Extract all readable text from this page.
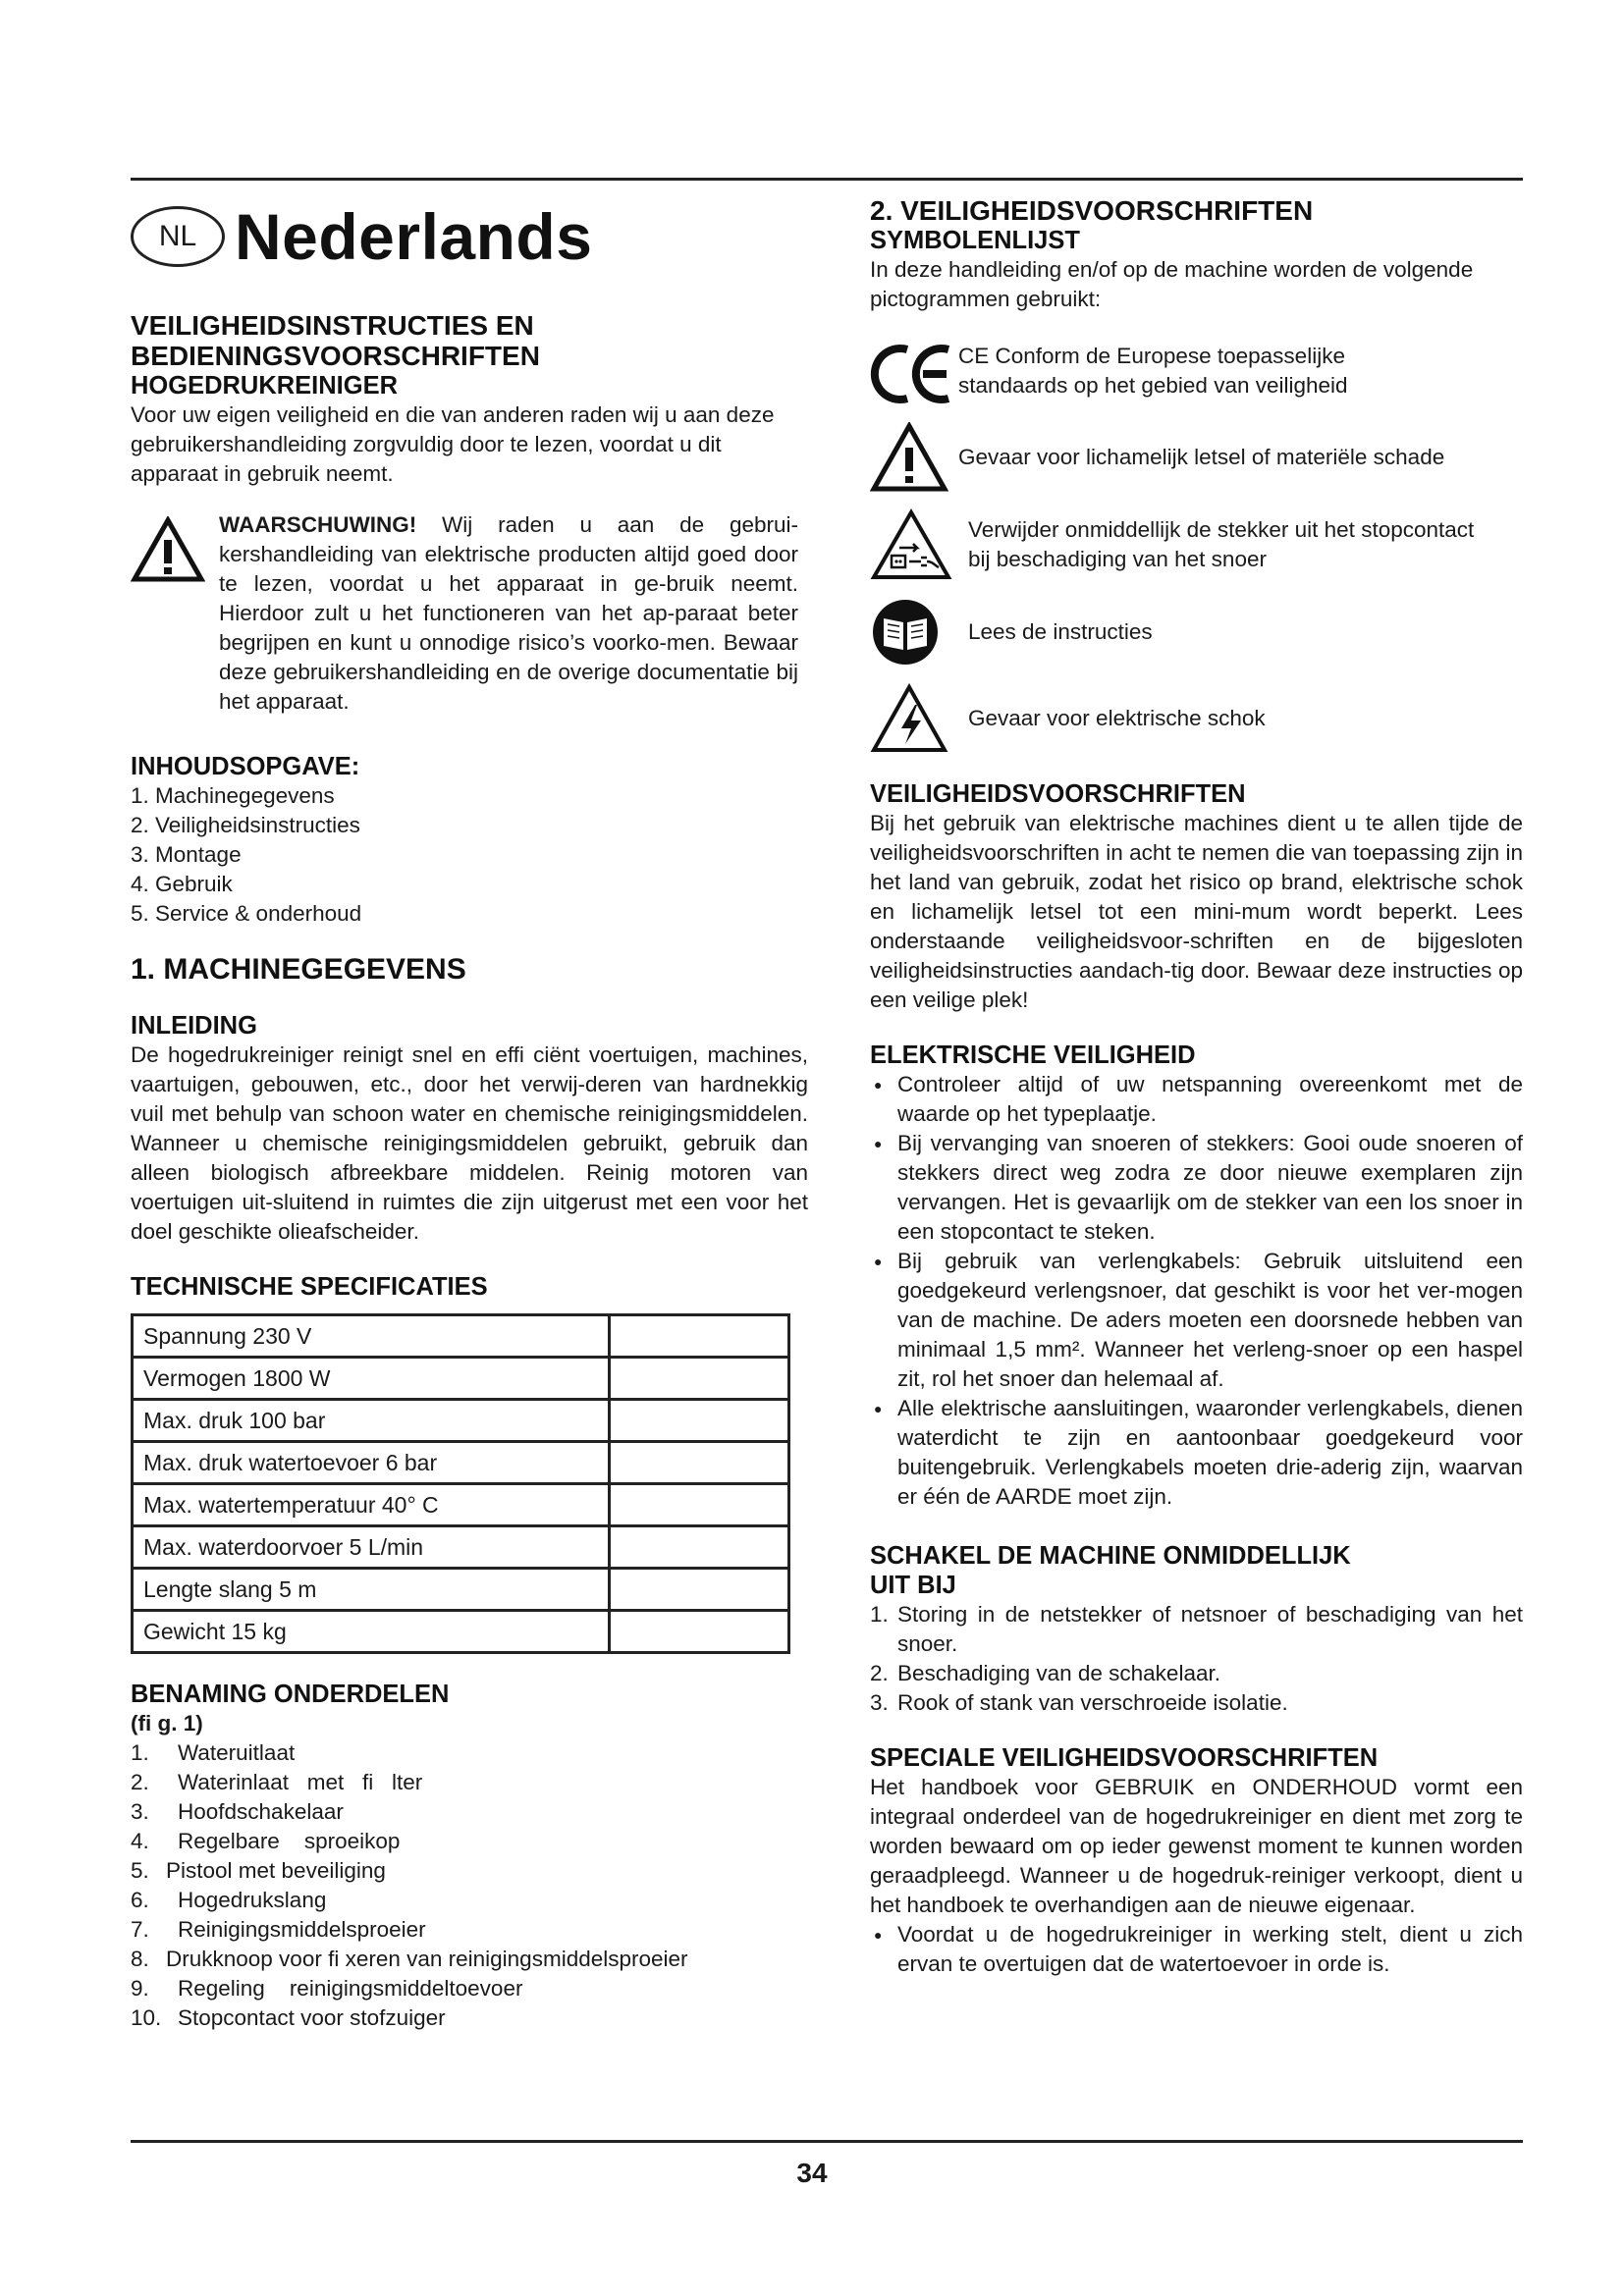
NL Nederlands

VEILIGHEIDSINSTRUCTIES EN

BEDIENINGSVOORSCHRIFTEN

HOGEDRUKREINIGER

Voor uw eigen veiligheid en die van anderen raden wij u aan deze gebruikershandleiding zorgvuldig door te lezen, voordat u dit apparaat in gebruik neemt.

WAARSCHUWING! Wij raden u aan de gebrui-kershandleiding van elektrische producten altijd goed door te lezen, voordat u het apparaat in ge-bruik neemt. Hierdoor zult u het functioneren van het ap-paraat beter begrijpen en kunt u onnodige risico’s voorko-men. Bewaar deze gebruikershandleiding en de overige documentatie bij het apparaat.

INHOUDSOPGAVE:

1. Machinegegevens
2. Veiligheidsinstructies
3. Montage
4. Gebruik
5. Service & onderhoud

1. MACHINEGEGEVENS

INLEIDING

De hogedrukreiniger reinigt snel en effi ciënt voertuigen, machines, vaartuigen, gebouwen, etc., door het verwij-deren van hardnekkig vuil met behulp van schoon water en chemische reinigingsmiddelen. Wanneer u chemische reinigingsmiddelen gebruikt, gebruik dan alleen biologisch afbreekbare middelen. Reinig motoren van voertuigen uit-sluitend in ruimtes die zijn uitgerust met een voor het doel geschikte olieafscheider.

TECHNISCHE SPECIFICATIES

Spannung 230 V	
Vermogen 1800 W	
Max. druk 100 bar	
Max. druk watertoevoer 6 bar	
Max. watertemperatuur 40° C	
Max. waterdoorvoer 5 L/min	
Lengte slang 5 m	
Gewicht 15 kg	

BENAMING ONDERDELEN

(fi g. 1)

1.	Wateruitlaat
2.	Waterinlaat   met   fi   lter
3.	Hoofdschakelaar
4.	Regelbare    sproeikop
5. Pistool met beveiliging
6.	Hogedrukslang
7.	Reinigingsmiddelsproeier
8. Drukknoop voor fi xeren van reinigingsmiddelsproeier
9.	Regeling    reinigingsmiddeltoevoer
10. Stopcontact voor stofzuiger

2. VEILIGHEIDSVOORSCHRIFTEN

SYMBOLENLIJST

In deze handleiding en/of op de machine worden de volgende pictogrammen gebruikt:

CE Conform de Europese toepasselijke standaards op het gebied van veiligheid
Gevaar voor lichamelijk letsel of materiële schade
Verwijder onmiddellijk de stekker uit het stopcontact bij beschadiging van het snoer
Lees de instructies
Gevaar voor elektrische schok

VEILIGHEIDSVOORSCHRIFTEN

Bij het gebruik van elektrische machines dient u te allen tijde de veiligheidsvoorschriften in acht te nemen die van toepassing zijn in het land van gebruik, zodat het risico op brand, elektrische schok en lichamelijk letsel tot een mini-mum wordt beperkt. Lees onderstaande veiligheidsvoor-schriften en de bijgesloten veiligheidsinstructies aandach-tig door. Bewaar deze instructies op een veilige plek!

ELEKTRISCHE VEILIGHEID

● Controleer altijd of uw netspanning overeenkomt met de waarde op het typeplaatje.
● Bij vervanging van snoeren of stekkers: Gooi oude snoeren of stekkers direct weg zodra ze door nieuwe exemplaren zijn vervangen. Het is gevaarlijk om de stekker van een los snoer in een stopcontact te steken.
● Bij gebruik van verlengkabels: Gebruik uitsluitend een goedgekeurd verlengsnoer, dat geschikt is voor het ver-mogen van de machine. De aders moeten een doorsnede hebben van minimaal 1,5 mm². Wanneer het verleng-snoer op een haspel zit, rol het snoer dan helemaal af.
● Alle elektrische aansluitingen, waaronder verlengkabels, dienen waterdicht te zijn en aantoonbaar goedgekeurd voor buitengebruik. Verlengkabels moeten drie-aderig zijn, waarvan er één de AARDE moet zijn.

SCHAKEL DE MACHINE ONMIDDELLIJK

UIT BIJ

1. Storing in de netstekker of netsnoer of beschadiging van het snoer.
2. Beschadiging van de schakelaar.
3. Rook of stank van verschroeide isolatie.

SPECIALE VEILIGHEIDSVOORSCHRIFTEN

Het handboek voor GEBRUIK en ONDERHOUD vormt een integraal onderdeel van de hogedrukreiniger en dient met zorg te worden bewaard om op ieder gewenst moment te kunnen worden geraadpleegd. Wanneer u de hogedruk-reiniger verkoopt, dient u het handboek te overhandigen aan de nieuwe eigenaar.

● Voordat u de hogedrukreiniger in werking stelt, dient u zich ervan te overtuigen dat de watertoevoer in orde is.
34
